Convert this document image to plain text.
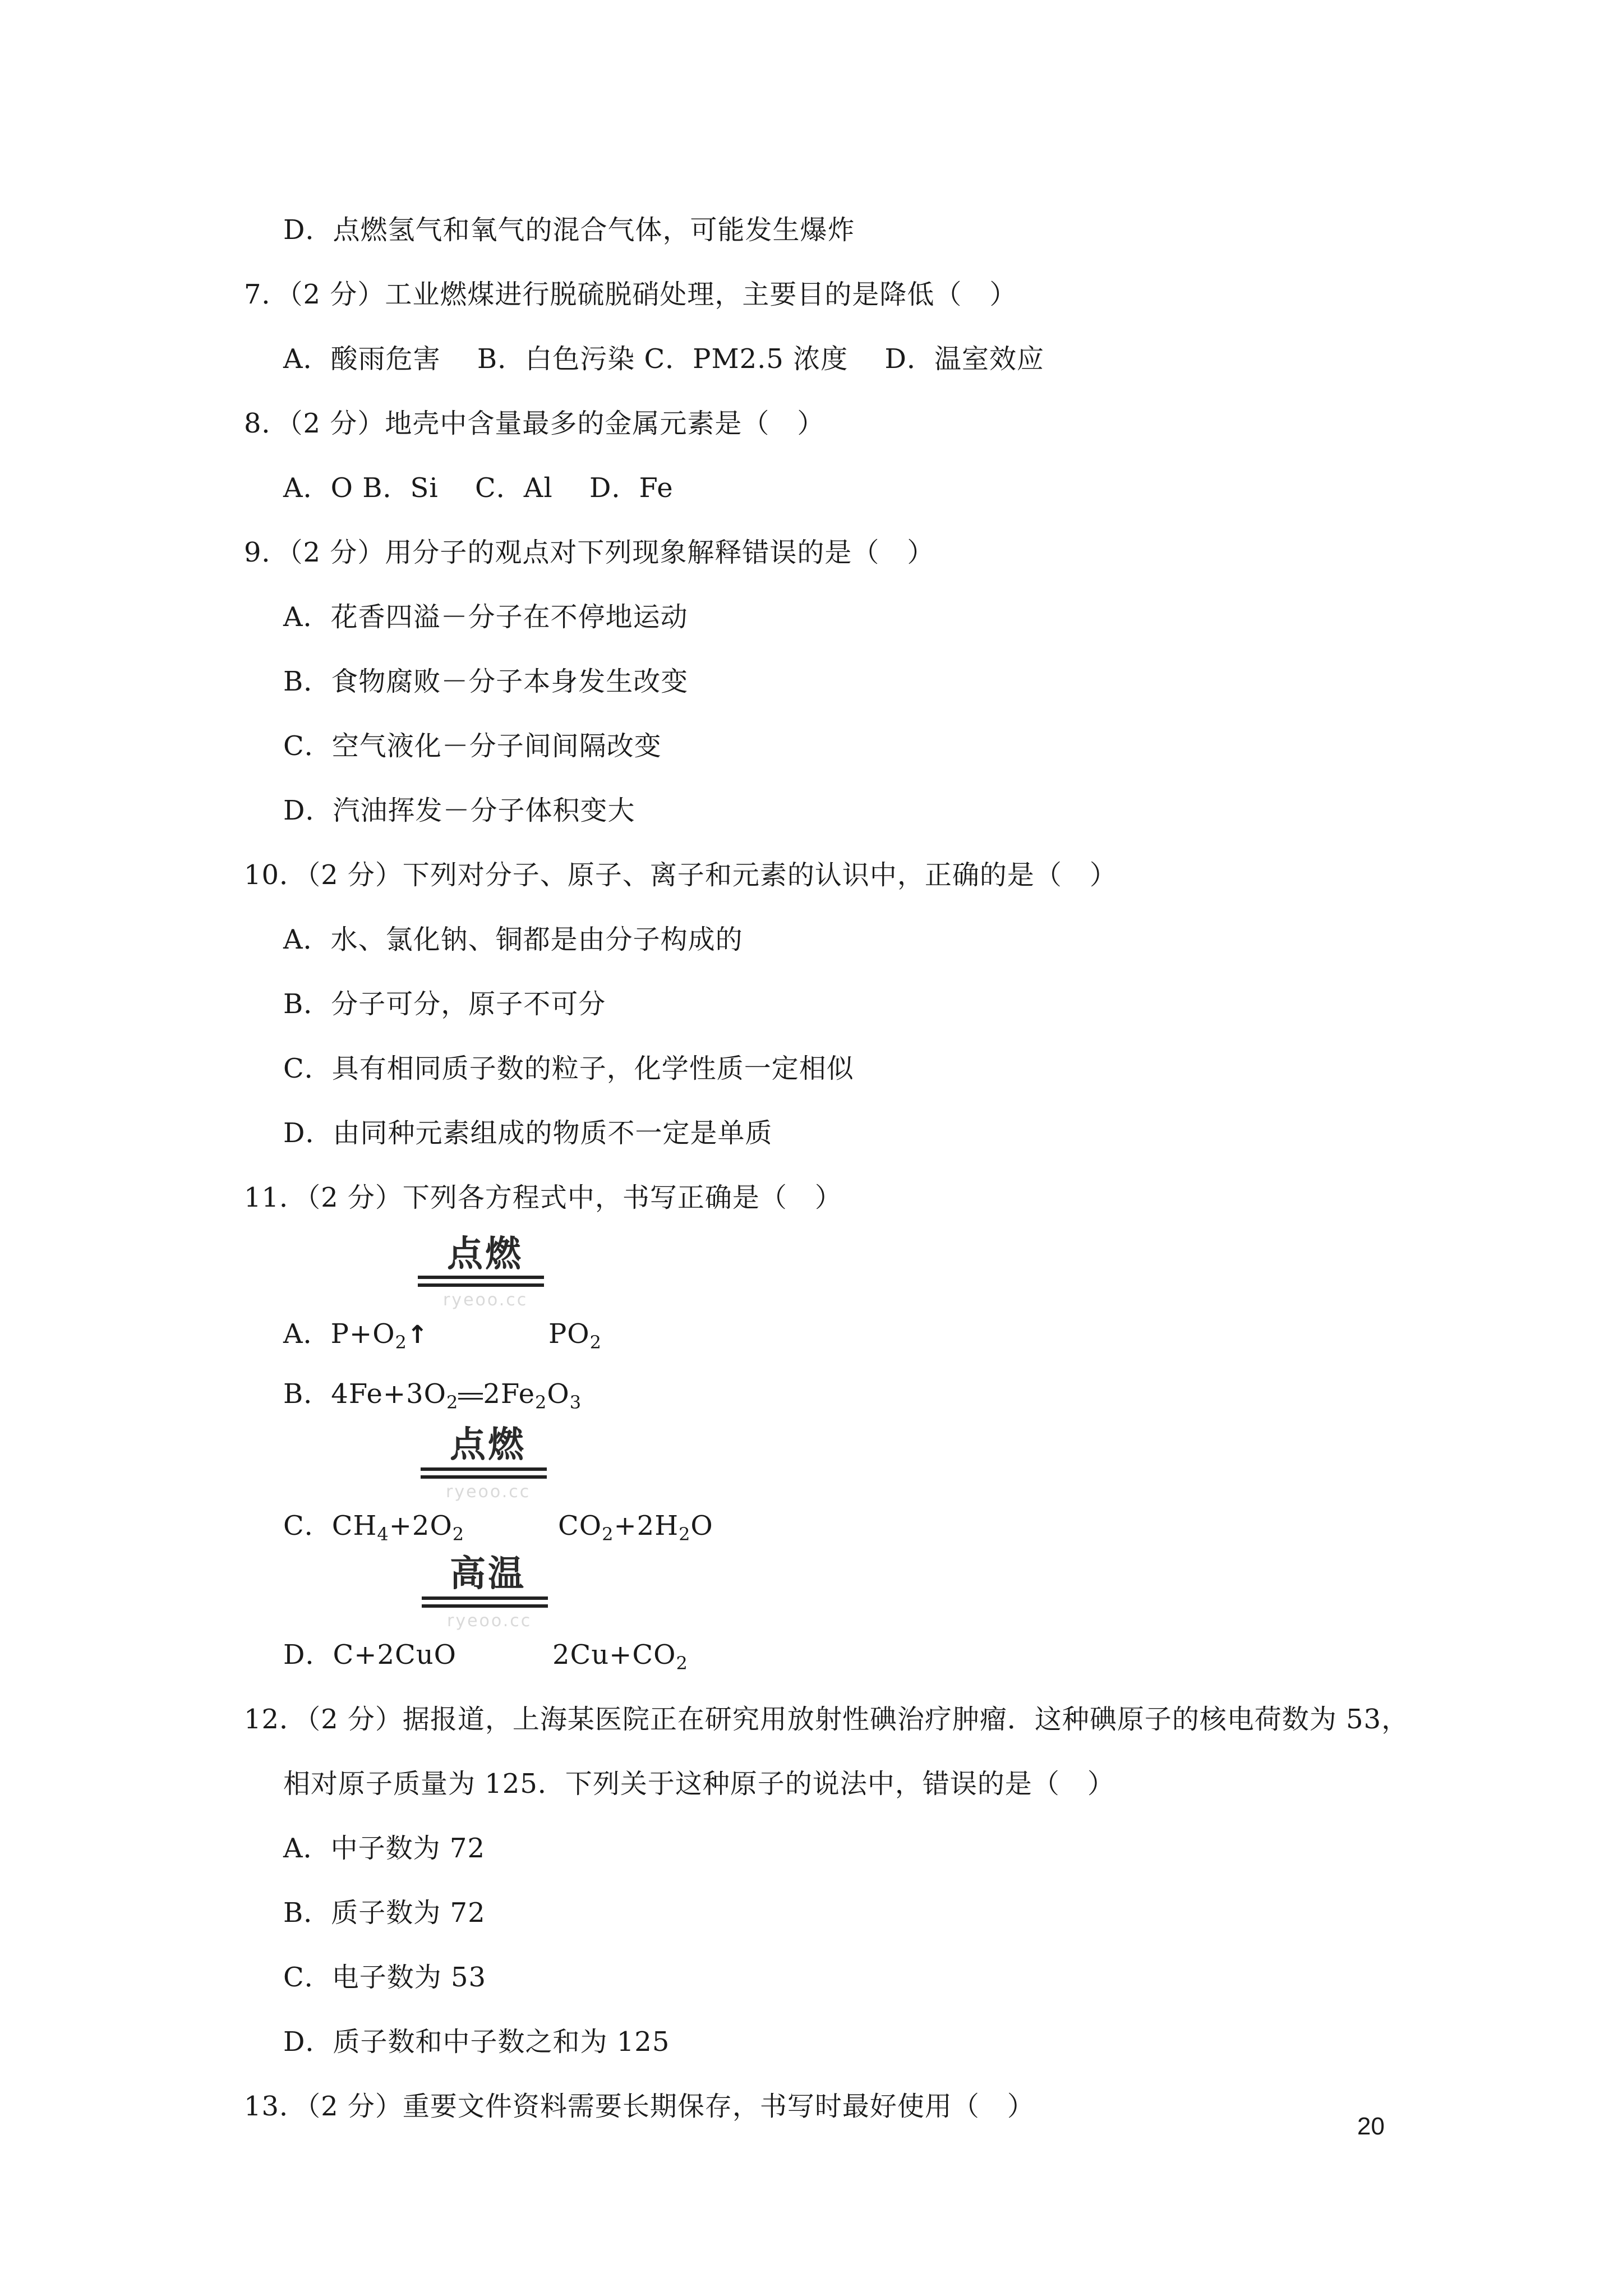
D．点燃氢气和氧气的混合气体，可能发生爆炸
7．（2 分）工业燃煤进行脱硫脱硝处理，主要目的是降低（　）
A．酸雨危害　 B．白色污染 C．PM2.5 浓度　 D．温室效应
8．（2 分）地壳中含量最多的金属元素是（　）
A．O B．Si　 C．Al　 D．Fe
9．（2 分）用分子的观点对下列现象解释错误的是（　）
A．花香四溢－分子在不停地运动
B．食物腐败－分子本身发生改变
C．空气液化－分子间间隔改变
D．汽油挥发－分子体积变大
10．（2 分）下列对分子、原子、离子和元素的认识中，正确的是（　）
A．水、氯化钠、铜都是由分子构成的
B．分子可分，原子不可分
C．具有相同质子数的粒子，化学性质一定相似
D．由同种元素组成的物质不一定是单质
11．（2 分）下列各方程式中，书写正确是（　）
点燃
ryeoo.cc
A．$P+O_2↑$	$PO_2$
B．$4Fe+3O_2$ $2Fe_2O_3$
点燃
ryeoo.cc
C．$CH_4+2O_2$	$CO_2+2H_2O$
高温
ryeoo.cc
D．C+2CuO	$2Cu+CO_2$
12．（2 分）据报道，上海某医院正在研究用放射性碘治疗肿瘤．这种碘原子的核电荷数为 53，
相对原子质量为 125．下列关于这种原子的说法中，错误的是（　）
A．中子数为 72
B．质子数为 72
C．电子数为 53
D．质子数和中子数之和为 125
13．（2 分）重要文件资料需要长期保存，书写时最好使用（　）
20
